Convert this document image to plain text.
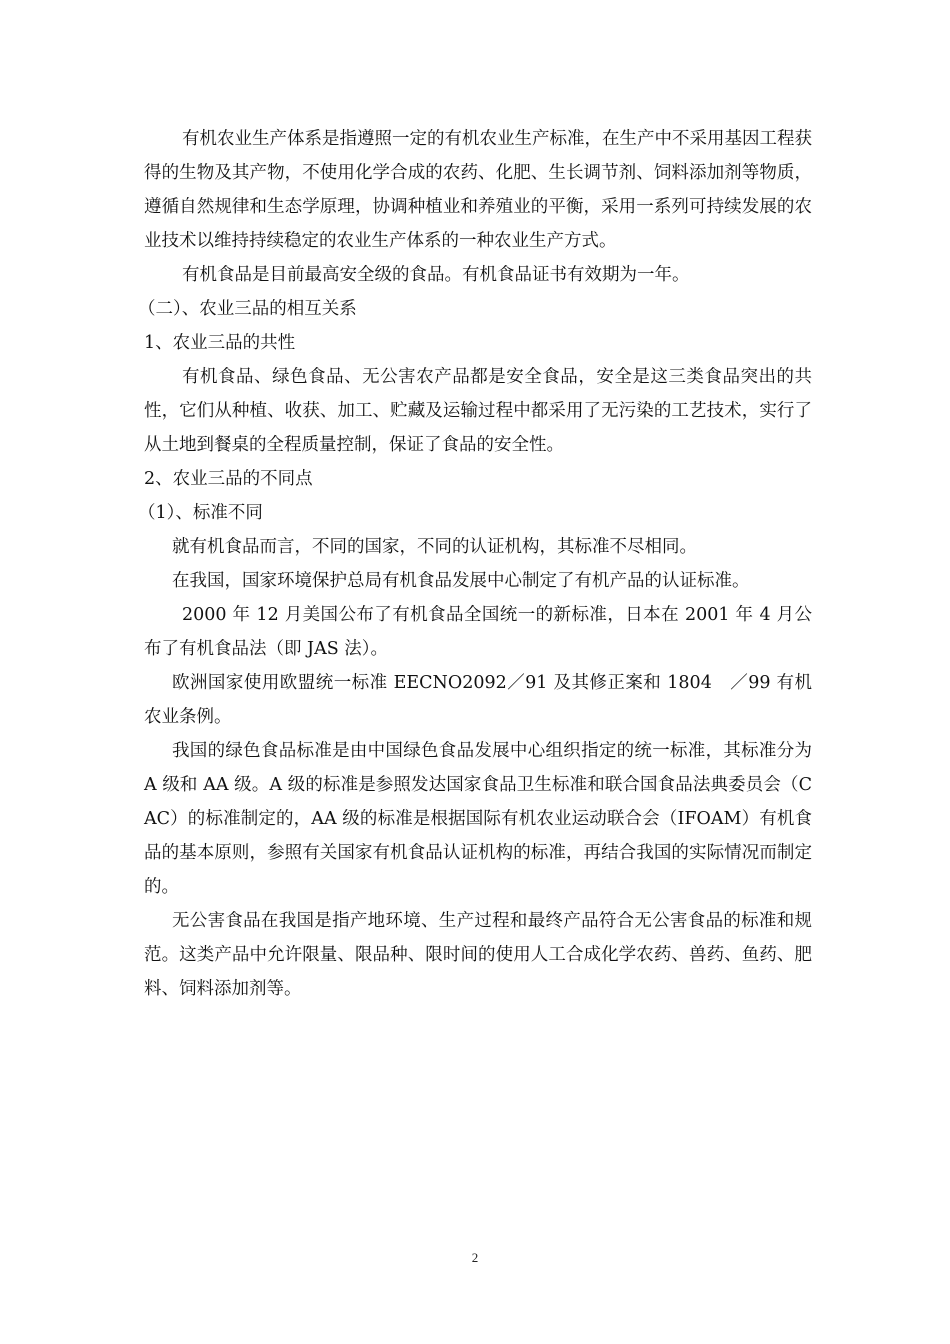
有机农业生产体系是指遵照一定的有机农业生产标准，在生产中不采用基因工程获得的生物及其产物，不使用化学合成的农药、化肥、生长调节剂、饲料添加剂等物质，遵循自然规律和生态学原理，协调种植业和养殖业的平衡，采用一系列可持续发展的农业技术以维持持续稳定的农业生产体系的一种农业生产方式。

有机食品是目前最高安全级的食品。有机食品证书有效期为一年。

（二）、农业三品的相互关系

1、农业三品的共性

有机食品、绿色食品、无公害农产品都是安全食品，安全是这三类食品突出的共性，它们从种植、收获、加工、贮藏及运输过程中都采用了无污染的工艺技术，实行了从土地到餐桌的全程质量控制，保证了食品的安全性。

2、农业三品的不同点

（1）、标准不同

就有机食品而言，不同的国家，不同的认证机构，其标准不尽相同。

在我国，国家环境保护总局有机食品发展中心制定了有机产品的认证标准。

2000 年 12 月美国公布了有机食品全国统一的新标准，日本在 2001 年 4 月公布了有机食品法（即 JAS 法）。

欧洲国家使用欧盟统一标准 EECNO2092／91 及其修正案和 1804　／99 有机农业条例。

我国的绿色食品标准是由中国绿色食品发展中心组织指定的统一标准，其标准分为 A 级和 AA 级。A 级的标准是参照发达国家食品卫生标准和联合国食品法典委员会（CAC）的标准制定的，AA 级的标准是根据国际有机农业运动联合会（IFOAM）有机食品的基本原则，参照有关国家有机食品认证机构的标准，再结合我国的实际情况而制定的。

无公害食品在我国是指产地环境、生产过程和最终产品符合无公害食品的标准和规范。这类产品中允许限量、限品种、限时间的使用人工合成化学农药、兽药、鱼药、肥料、饲料添加剂等。

2
